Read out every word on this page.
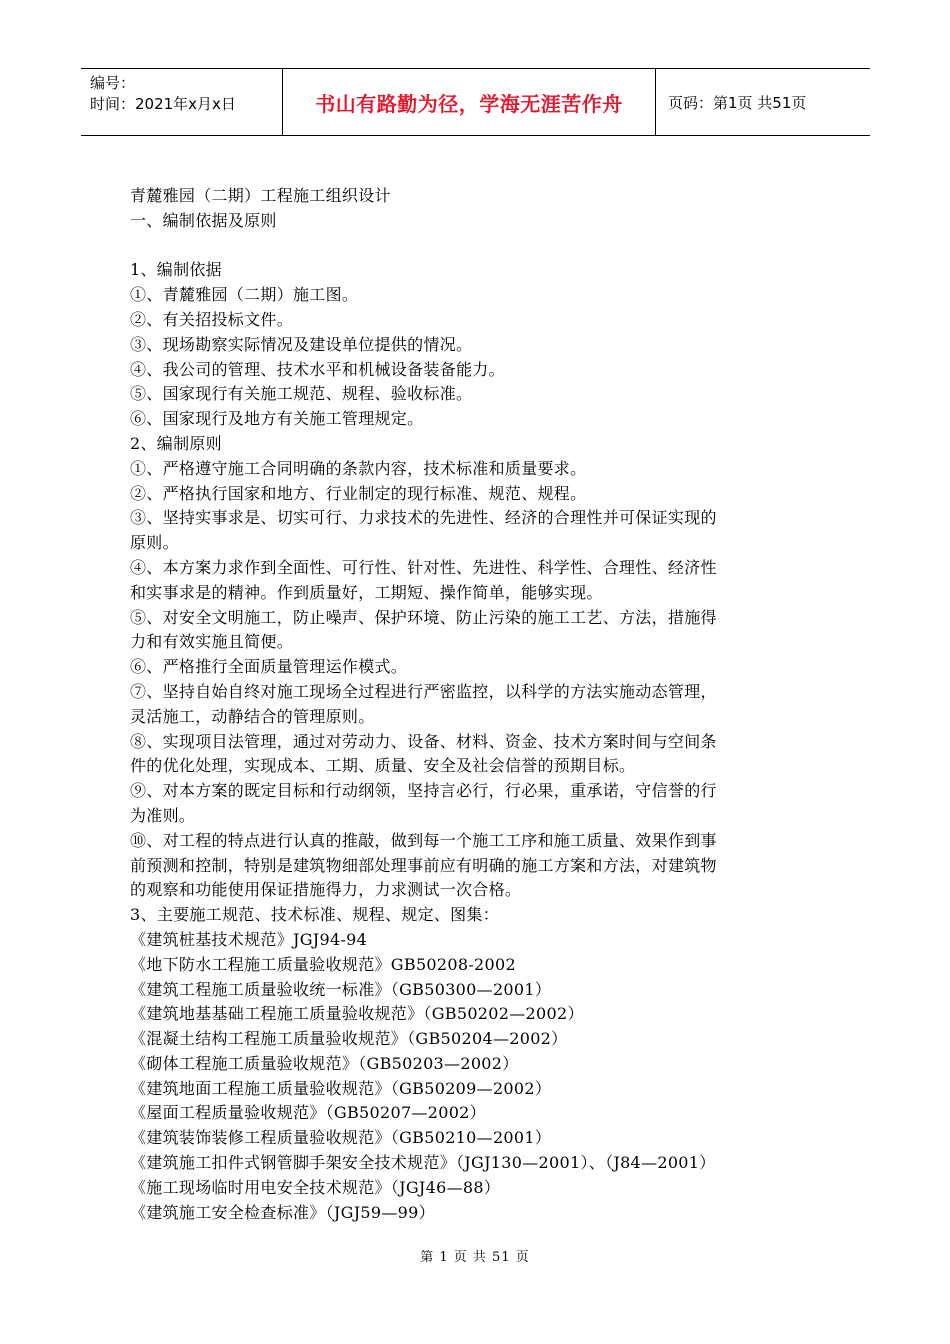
编号：
时间：2021年x月x日	书山有路勤为径，学海无涯苦作舟	页码：第1页 共51页

青麓雅园（二期）工程施工组织设计

一、编制依据及原则

1、编制依据

①、青麓雅园（二期）施工图。

②、有关招投标文件。

③、现场勘察实际情况及建设单位提供的情况。

④、我公司的管理、技术水平和机械设备装备能力。

⑤、国家现行有关施工规范、规程、验收标准。

⑥、国家现行及地方有关施工管理规定。

2、编制原则

①、严格遵守施工合同明确的条款内容，技术标准和质量要求。

②、严格执行国家和地方、行业制定的现行标准、规范、规程。

③、坚持实事求是、切实可行、力求技术的先进性、经济的合理性并可保证实现的

原则。

④、本方案力求作到全面性、可行性、针对性、先进性、科学性、合理性、经济性

和实事求是的精神。作到质量好，工期短、操作简单，能够实现。

⑤、对安全文明施工，防止噪声、保护环境、防止污染的施工工艺、方法，措施得

力和有效实施且简便。

⑥、严格推行全面质量管理运作模式。

⑦、坚持自始自终对施工现场全过程进行严密监控，以科学的方法实施动态管理，

灵活施工，动静结合的管理原则。

⑧、实现项目法管理，通过对劳动力、设备、材料、资金、技术方案时间与空间条

件的优化处理，实现成本、工期、质量、安全及社会信誉的预期目标。

⑨、对本方案的既定目标和行动纲领，坚持言必行，行必果，重承诺，守信誉的行

为准则。

⑩、对工程的特点进行认真的推敲，做到每一个施工工序和施工质量、效果作到事

前预测和控制，特别是建筑物细部处理事前应有明确的施工方案和方法，对建筑物

的观察和功能使用保证措施得力，力求测试一次合格。

3、主要施工规范、技术标准、规程、规定、图集：

《建筑桩基技术规范》JGJ94-94

《地下防水工程施工质量验收规范》GB50208-2002

《建筑工程施工质量验收统一标准》（GB50300—2001）

《建筑地基基础工程施工质量验收规范》（GB50202—2002）

《混凝土结构工程施工质量验收规范》（GB50204—2002）

《砌体工程施工质量验收规范》（GB50203—2002）

《建筑地面工程施工质量验收规范》（GB50209—2002）

《屋面工程质量验收规范》（GB50207—2002）

《建筑装饰装修工程质量验收规范》（GB50210—2001）

《建筑施工扣件式钢管脚手架安全技术规范》（JGJ130—2001）、（J84—2001）

《施工现场临时用电安全技术规范》（JGJ46—88）

《建筑施工安全检查标准》（JGJ59—99）

第 1 页 共 51 页
